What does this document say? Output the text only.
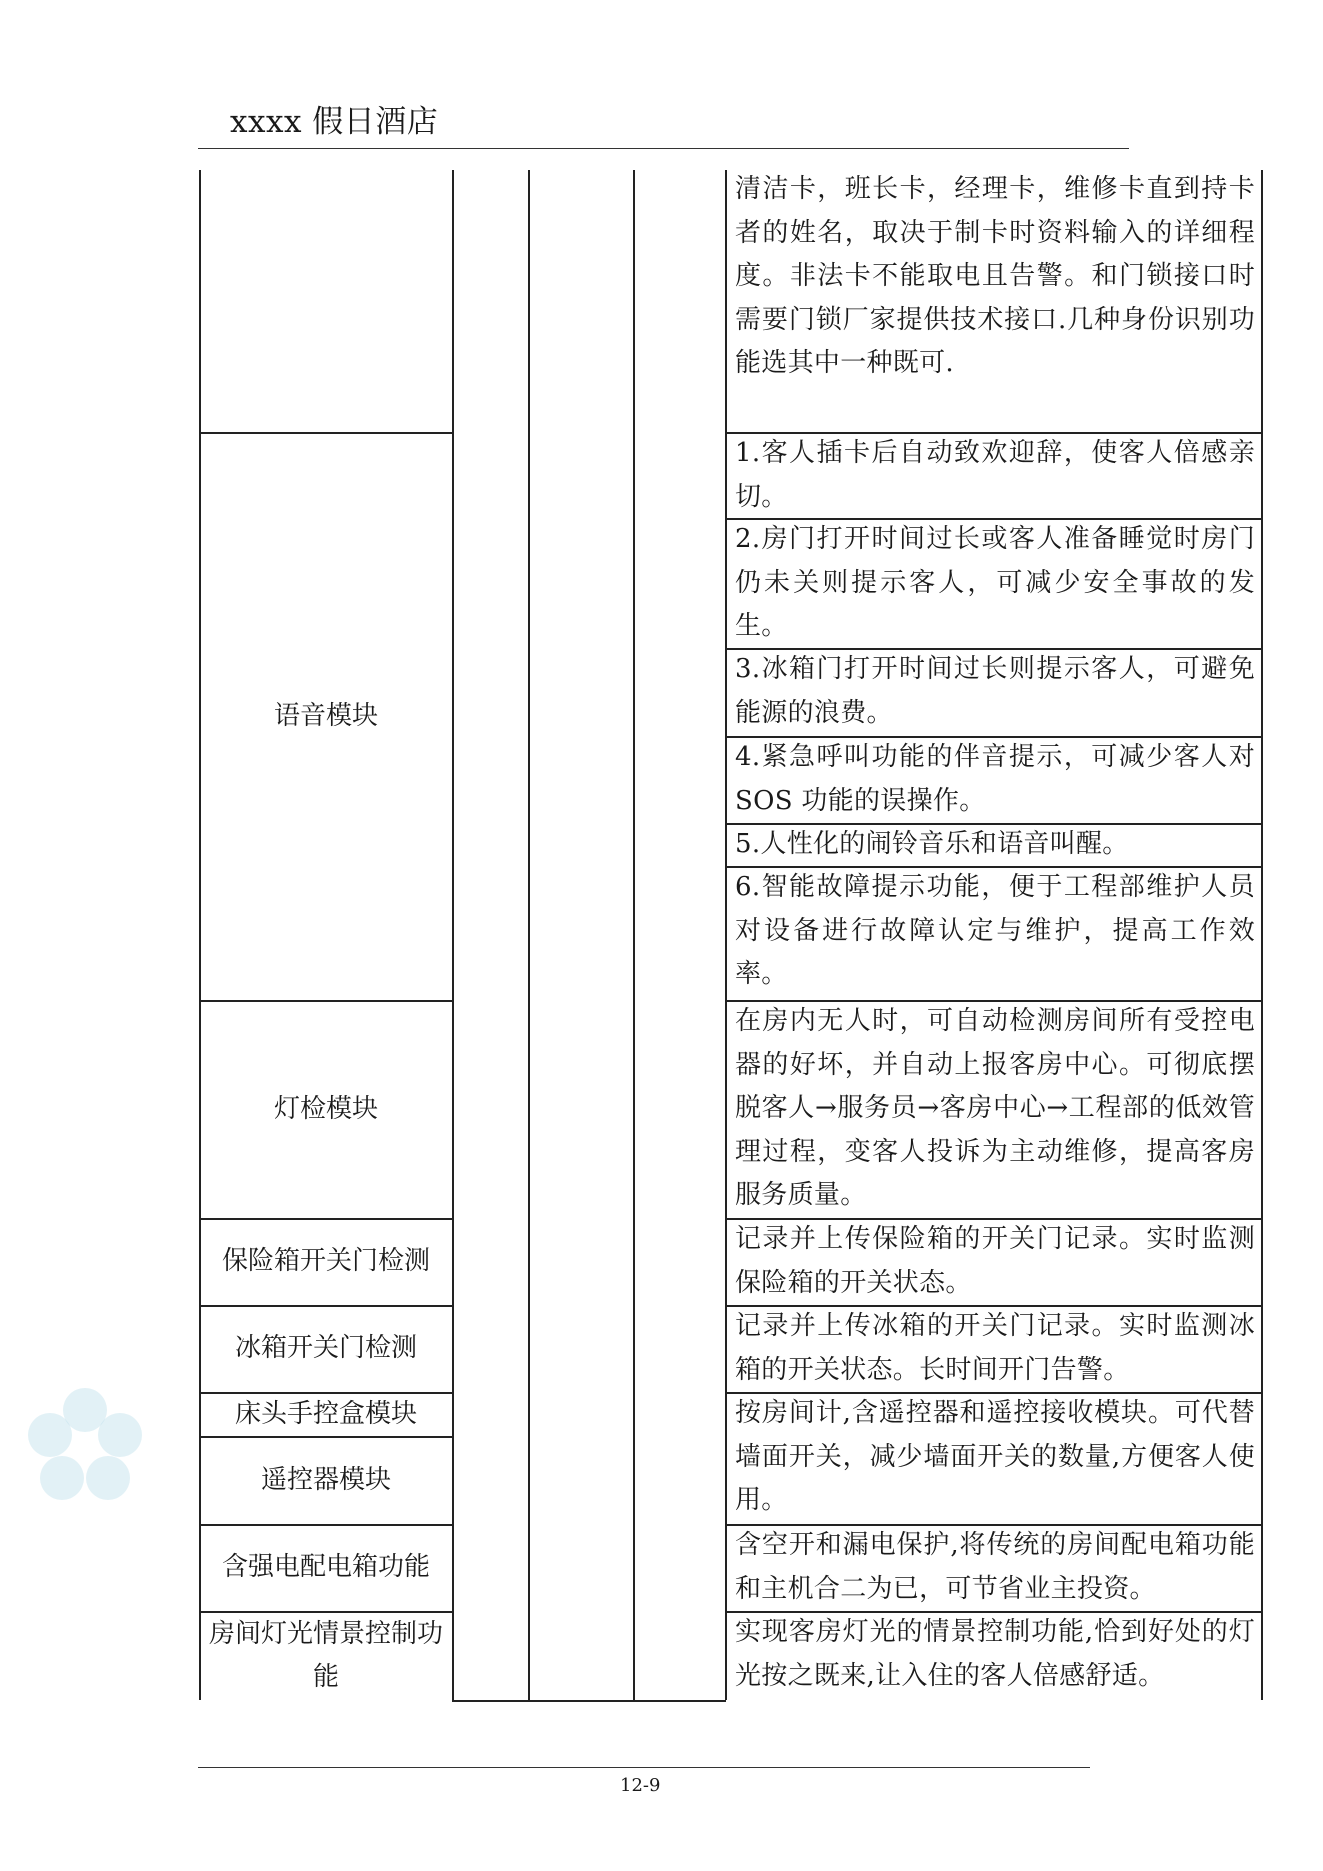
xxxx 假日酒店
语音模块
灯检模块
保险箱开关门检测
冰箱开关门检测
床头手控盒模块
遥控器模块
含强电配电箱功能
房间灯光情景控制功能
清洁卡，班长卡，经理卡，维修卡直到持卡者的姓名，取决于制卡时资料输入的详细程度。非法卡不能取电且告警。和门锁接口时需要门锁厂家提供技术接口.几种身份识别功能选其中一种既可.
1.客人插卡后自动致欢迎辞，使客人倍感亲切。
2.房门打开时间过长或客人准备睡觉时房门仍未关则提示客人，可减少安全事故的发生。
3.冰箱门打开时间过长则提示客人，可避免能源的浪费。
4.紧急呼叫功能的伴音提示，可减少客人对SOS 功能的误操作。
5.人性化的闹铃音乐和语音叫醒。
6.智能故障提示功能，便于工程部维护人员对设备进行故障认定与维护，提高工作效率。
在房内无人时，可自动检测房间所有受控电器的好坏，并自动上报客房中心。可彻底摆脱客人→服务员→客房中心→工程部的低效管理过程，变客人投诉为主动维修，提高客房服务质量。
记录并上传保险箱的开关门记录。实时监测保险箱的开关状态。
记录并上传冰箱的开关门记录。实时监测冰箱的开关状态。长时间开门告警。
按房间计,含遥控器和遥控接收模块。可代替墙面开关，减少墙面开关的数量,方便客人使用。
含空开和漏电保护,将传统的房间配电箱功能和主机合二为已，可节省业主投资。
实现客房灯光的情景控制功能,恰到好处的灯光按之既来,让入住的客人倍感舒适。
12-9
